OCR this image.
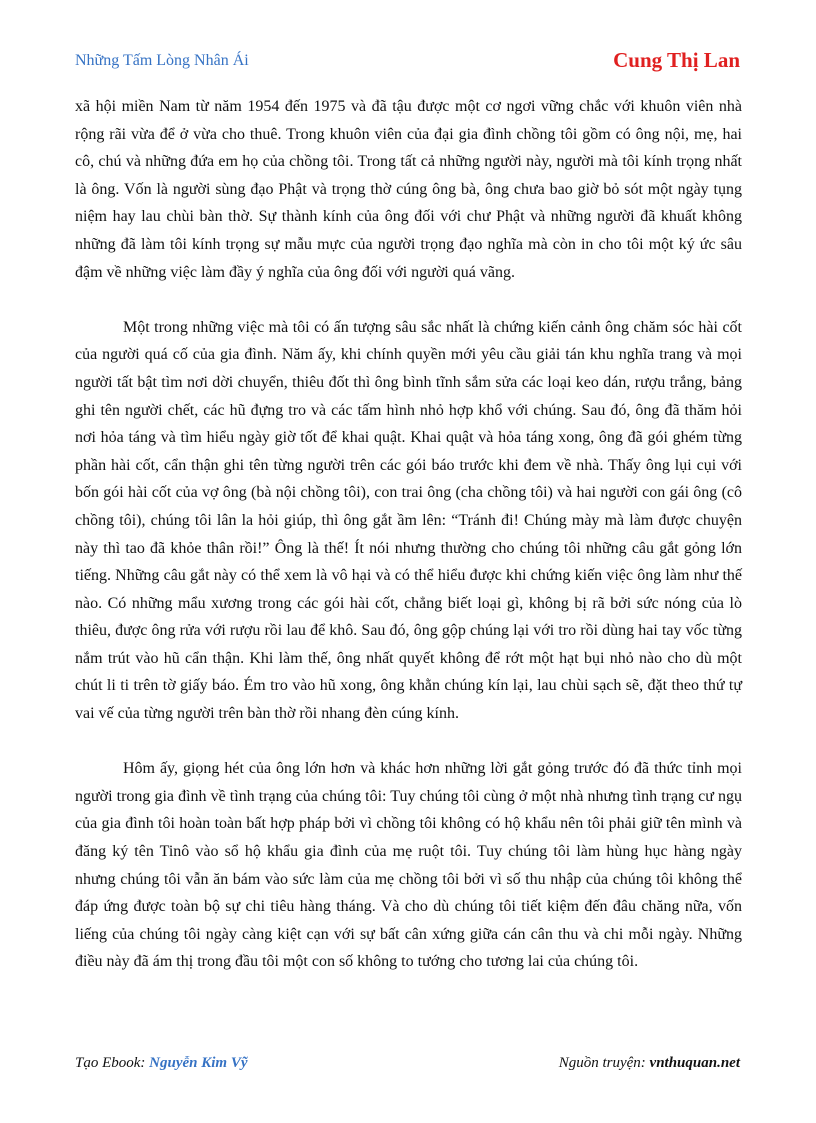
Những Tấm Lòng Nhân Ái	Cung Thị Lan

xã hội miền Nam từ năm 1954 đến 1975 và đã tậu được một cơ ngơi vững chắc với khuôn viên nhà rộng rãi vừa để ở vừa cho thuê. Trong khuôn viên của đại gia đình chồng tôi gồm có ông nội, mẹ, hai cô, chú và những đứa em họ của chồng tôi. Trong tất cả những người này, người mà tôi kính trọng nhất là ông. Vốn là người sùng đạo Phật và trọng thờ cúng ông bà, ông chưa bao giờ bỏ sót một ngày tụng niệm hay lau chùi bàn thờ. Sự thành kính của ông đối với chư Phật và những người đã khuất không những đã làm tôi kính trọng sự mẫu mực của người trọng đạo nghĩa mà còn in cho tôi một ký ức sâu đậm về những việc làm đầy ý nghĩa của ông đối với người quá vãng.

Một trong những việc mà tôi có ấn tượng sâu sắc nhất là chứng kiến cảnh ông chăm sóc hài cốt của người quá cố của gia đình. Năm ấy, khi chính quyền mới yêu cầu giải tán khu nghĩa trang và mọi người tất bật tìm nơi dời chuyển, thiêu đốt thì ông bình tĩnh sắm sửa các loại keo dán, rượu trắng, bảng ghi tên người chết, các hũ đựng tro và các tấm hình nhỏ hợp khổ với chúng. Sau đó, ông đã thăm hỏi nơi hỏa táng và tìm hiểu ngày giờ tốt để khai quật. Khai quật và hỏa táng xong, ông đã gói ghém từng phần hài cốt, cẩn thận ghi tên từng người trên các gói báo trước khi đem về nhà. Thấy ông lụi cụi với bốn gói hài cốt của vợ ông (bà nội chồng tôi), con trai ông (cha chồng tôi) và hai người con gái ông (cô chồng tôi), chúng tôi lân la hỏi giúp, thì ông gắt ầm lên: “Tránh đi! Chúng mày mà làm được chuyện này thì tao đã khỏe thân rồi!” Ông là thế! Ít nói nhưng thường cho chúng tôi những câu gắt gỏng lớn tiếng. Những câu gắt này có thể xem là vô hại và có thể hiểu được khi chứng kiến việc ông làm như thế nào. Có những mẩu xương trong các gói hài cốt, chẳng biết loại gì, không bị rã bởi sức nóng của lò thiêu, được ông rửa với rượu rồi lau để khô. Sau đó, ông gộp chúng lại với tro rồi dùng hai tay vốc từng nắm trút vào hũ cẩn thận. Khi làm thế, ông nhất quyết không để rớt một hạt bụi nhỏ nào cho dù một chút li ti trên tờ giấy báo. Ém tro vào hũ xong, ông khằn chúng kín lại, lau chùi sạch sẽ, đặt theo thứ tự vai vế của từng người trên bàn thờ rồi nhang đèn cúng kính.

Hôm ấy, giọng hét của ông lớn hơn và khác hơn những lời gắt gỏng trước đó đã thức tỉnh mọi người trong gia đình về tình trạng của chúng tôi: Tuy chúng tôi cùng ở một nhà nhưng tình trạng cư ngụ của gia đình tôi hoàn toàn bất hợp pháp bởi vì chồng tôi không có hộ khẩu nên tôi phải giữ tên mình và đăng ký tên Tinô vào sổ hộ khẩu gia đình của mẹ ruột tôi. Tuy chúng tôi làm hùng hục hàng ngày nhưng chúng tôi vẫn ăn bám vào sức làm của mẹ chồng tôi bởi vì số thu nhập của chúng tôi không thể đáp ứng được toàn bộ sự chi tiêu hàng tháng. Và cho dù chúng tôi tiết kiệm đến đâu chăng nữa, vốn liếng của chúng tôi ngày càng kiệt cạn với sự bất cân xứng giữa cán cân thu và chi mỗi ngày. Những điều này đã ám thị trong đầu tôi một con số không to tướng cho tương lai của chúng tôi.

Tạo Ebook: Nguyễn Kim Vỹ	Nguồn truyện: vnthuquan.net
